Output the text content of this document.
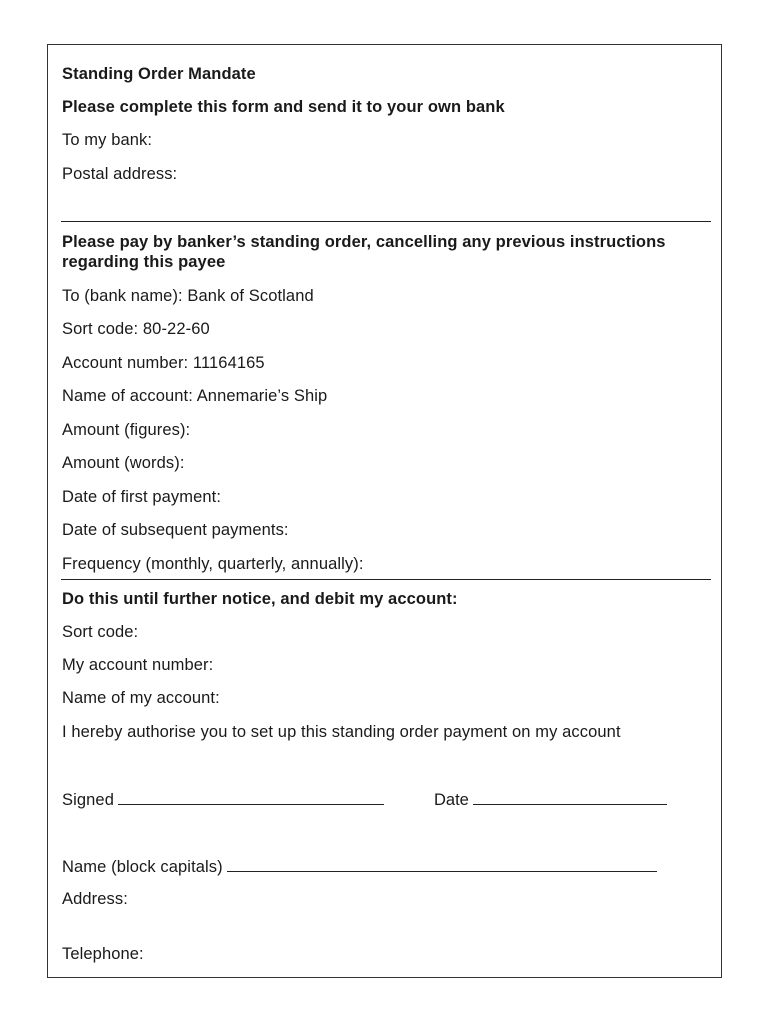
Standing Order Mandate
Please complete this form and send it to your own bank
To my bank:
Postal address:
Please pay by banker’s standing order, cancelling any previous instructions regarding this payee
To (bank name): Bank of Scotland
Sort code: 80-22-60
Account number: 11164165
Name of account: Annemarie’s Ship
Amount (figures):
Amount (words):
Date of first payment:
Date of subsequent payments:
Frequency (monthly, quarterly, annually):
Do this until further notice, and debit my account:
Sort code:
My account number:
Name of my account:
I hereby authorise you to set up this standing order payment on my account
Signed	Date
Name (block capitals)
Address:
Telephone:
